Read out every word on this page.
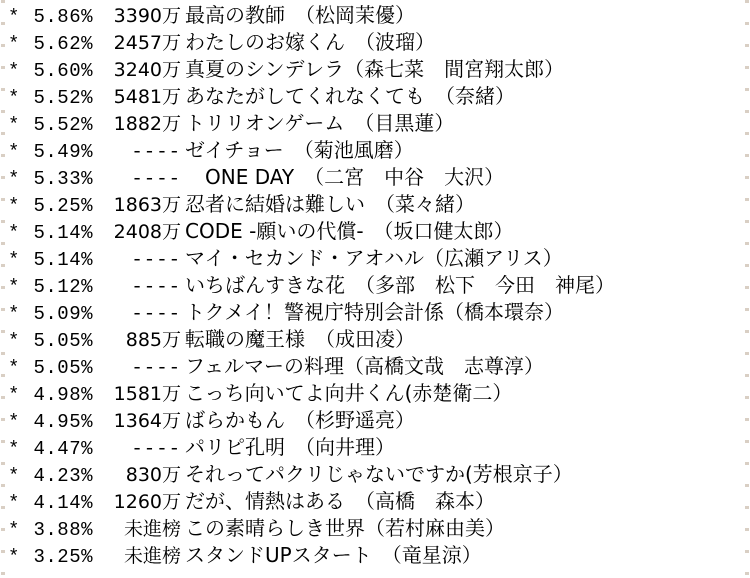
* 5.86%	3390万 最高の教師　（松岡茉優）
* 5.62%	2457万 わたしのお嫁くん　（波瑠）
* 5.60%	3240万 真夏のシンデレラ（森七菜　間宮翔太郎）
* 5.52%	5481万 あなたがしてくれなくても　（奈緒）
* 5.52%	1882万 トリリオンゲーム　（目黒蓮）
* 5.49%	---- ゼイチョー　（菊池風磨）
* 5.33%	---- 　ONE DAY　（二宮　中谷　大沢）
* 5.25%	1863万 忍者に結婚は難しい　（菜々緒）
* 5.14%	2408万 CODE -願いの代償-　（坂口健太郎）
* 5.14%	---- マイ・セカンド・アオハル（広瀬アリス）
* 5.12%	---- いちばんすきな花　（多部　松下　今田　神尾）
* 5.09%	---- トクメイ！警視庁特別会計係（橋本環奈）
* 5.05%	885万 転職の魔王様　（成田凌）
* 5.05%	---- フェルマーの料理（高橋文哉　志尊淳）
* 4.98%	1581万 こっち向いてよ向井くん(赤楚衛二）
* 4.95%	1364万 ばらかもん　（杉野遥亮）
* 4.47%	---- パリピ孔明　（向井理）
* 4.23%	830万 それってパクリじゃないですか(芳根京子）
* 4.14%	1260万 だが、情熱はある　（高橋　森本）
* 3.88%	未進榜 この素晴らしき世界（若村麻由美）
* 3.25%	未進榜 スタンドUPスタート　（竜星涼）
